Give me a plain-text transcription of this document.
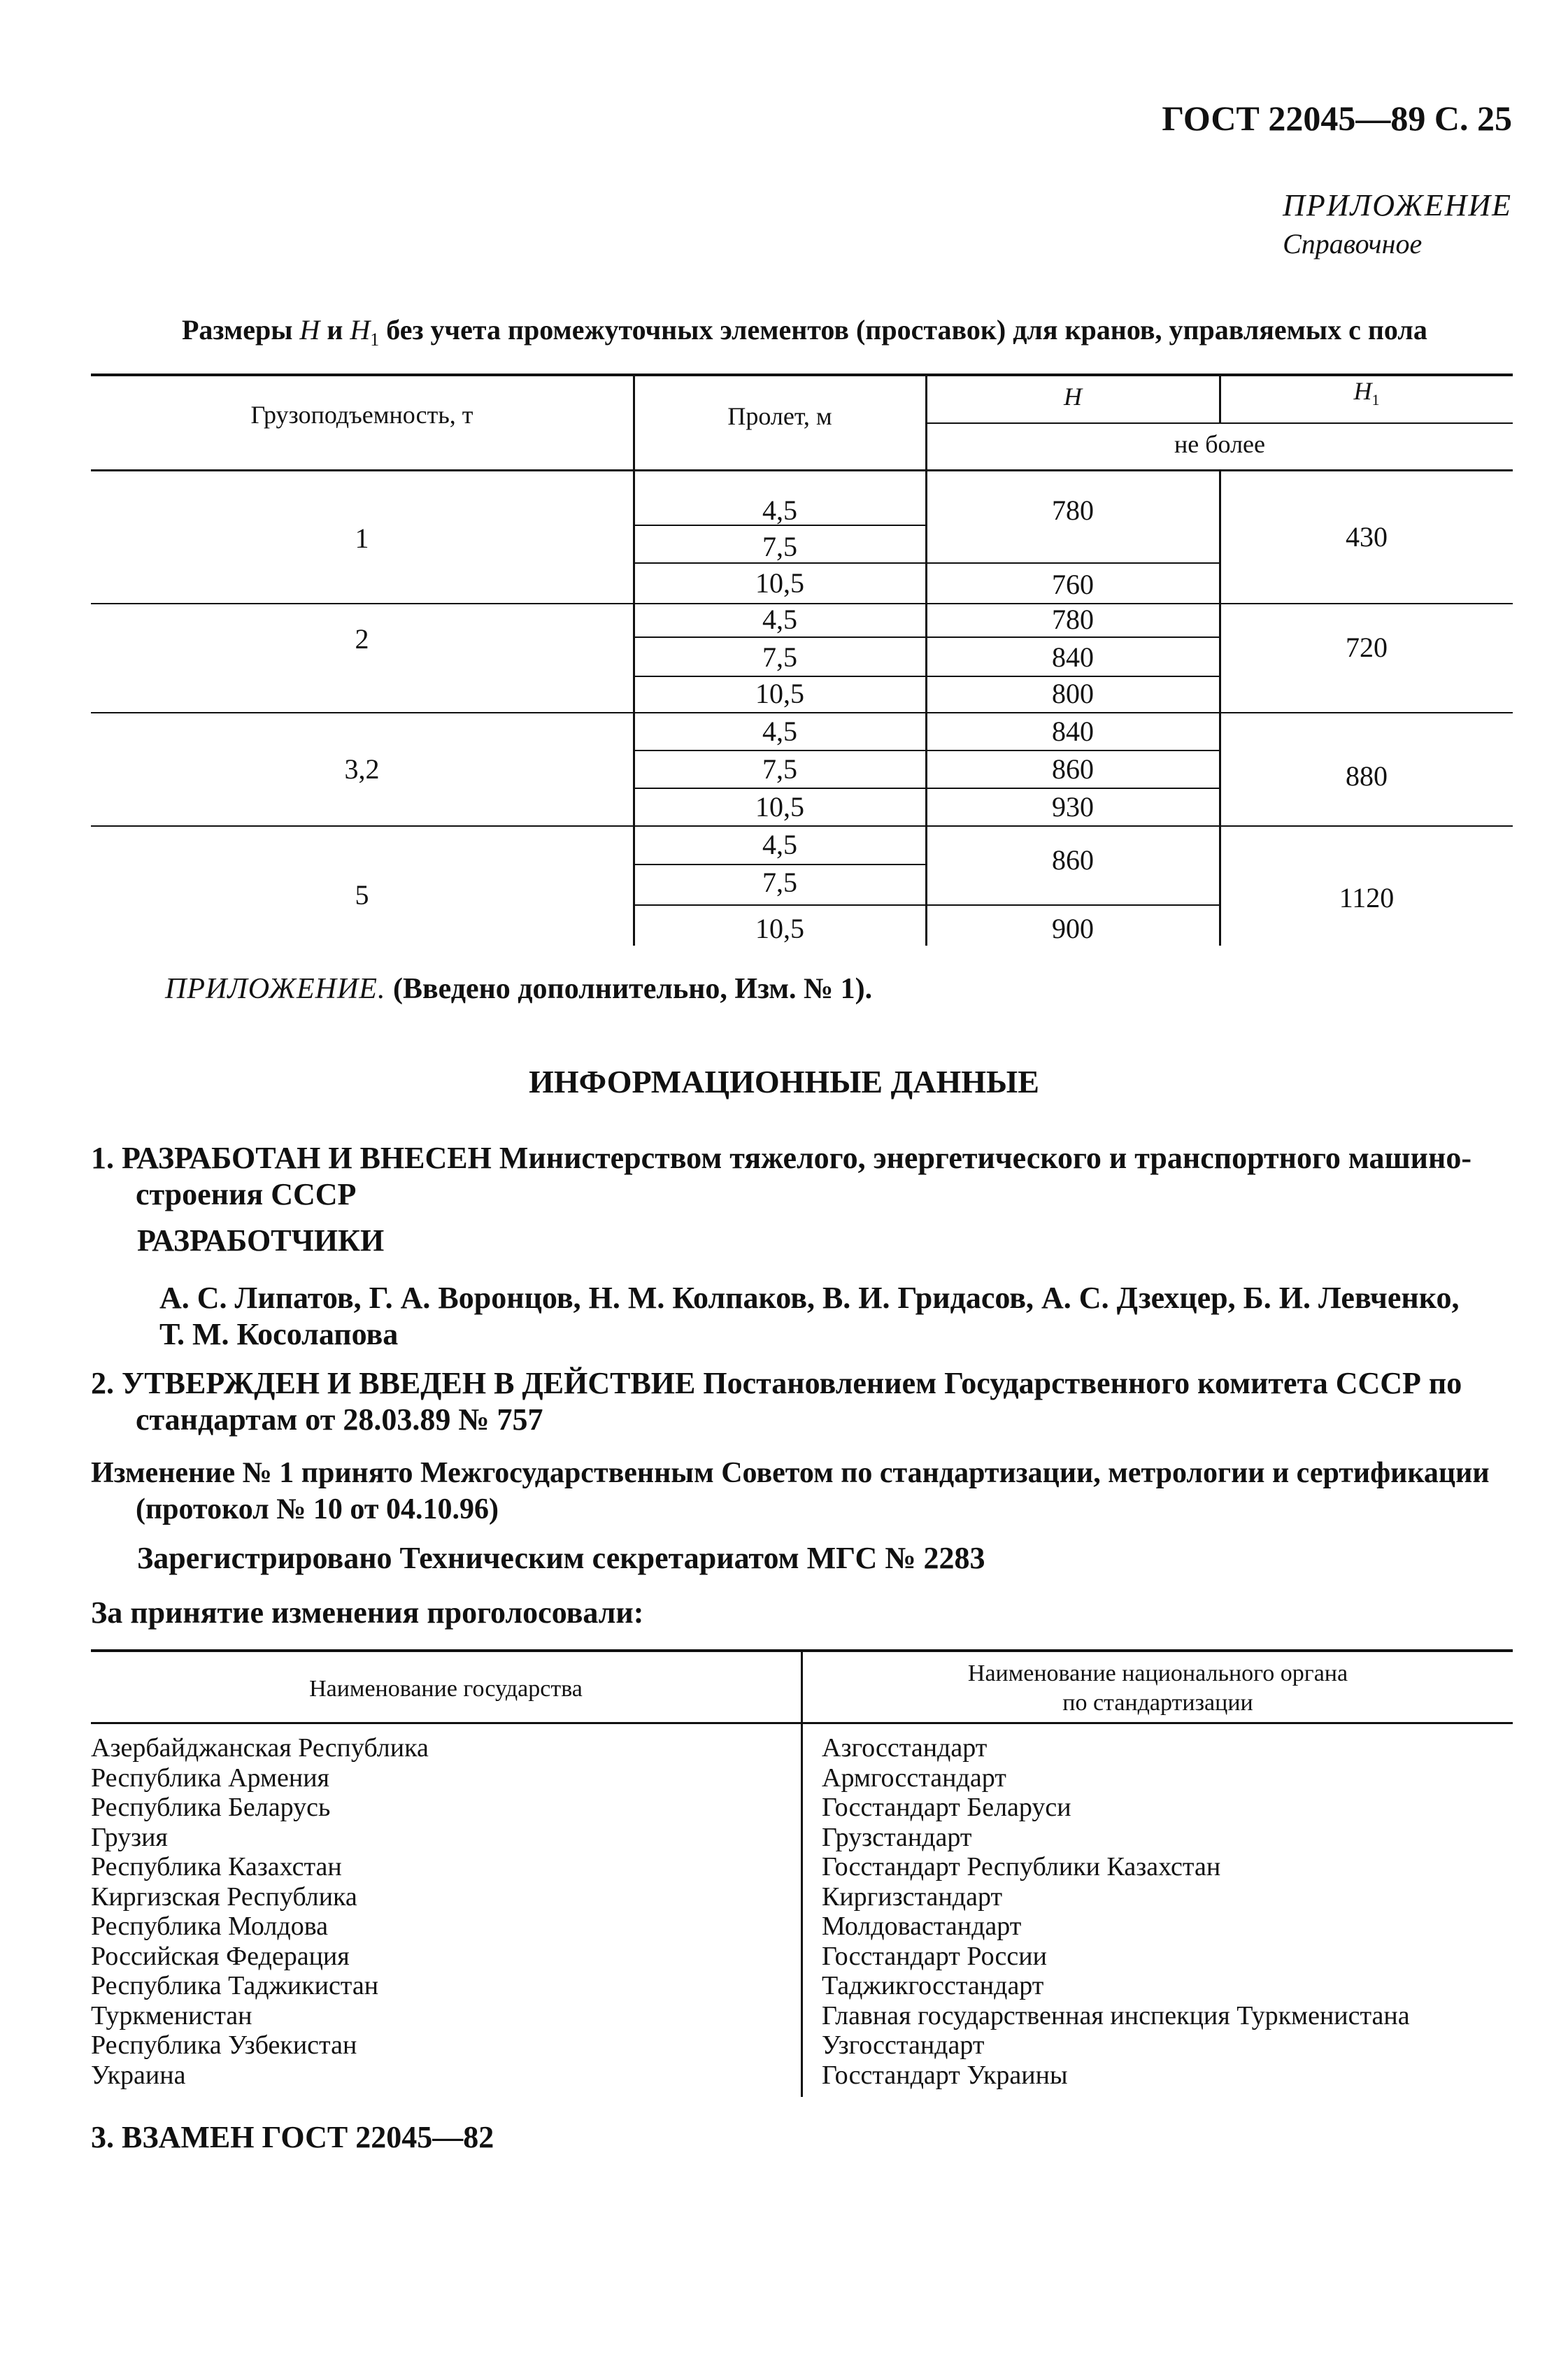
ГОСТ 22045—89 С. 25
ПРИЛОЖЕНИЕ
Справочное
Размеры H и $H_1$ без учета промежуточных элементов (проставок) для кранов, управляемых с пола
Грузоподъемность, т	Пролет, м
H	$H_1$
не более
1
4,5
7,5
10,5
780
760
430
2
4,5
7,5
10,5
780
840
800
720
3,2
4,5
7,5
10,5
840
860
930
880
5
4,5
7,5
10,5
860
900
1120
ПРИЛОЖЕНИЕ. (Введено дополнительно, Изм. № 1).
ИНФОРМАЦИОННЫЕ ДАННЫЕ
1. РАЗРАБОТАН И ВНЕСЕН Министерством тяжелого, энергетического и транспортного машино-
строения СССР
РАЗРАБОТЧИКИ
А. С. Липатов, Г. А. Воронцов, Н. М. Колпаков, В. И. Гридасов, А. С. Дзехцер, Б. И. Левченко,
Т. М. Косолапова
2. УТВЕРЖДЕН И ВВЕДЕН В ДЕЙСТВИЕ Постановлением Государственного комитета СССР по
стандартам от 28.03.89 № 757
Изменение № 1 принято Межгосударственным Советом по стандартизации, метрологии и сертификации
(протокол № 10 от 04.10.96)
Зарегистрировано Техническим секретариатом МГС № 2283
За принятие изменения проголосовали:
Наименование государства
Наименование национального органа
по стандартизации
Азербайджанская Республика
Республика Армения
Республика Беларусь
Грузия
Республика Казахстан
Киргизская Республика
Республика Молдова
Российская Федерация
Республика Таджикистан
Туркменистан
Республика Узбекистан
Украина
Азгосстандарт
Армгосстандарт
Госстандарт Беларуси
Грузстандарт
Госстандарт Республики Казахстан
Киргизстандарт
Молдовастандарт
Госстандарт России
Таджикгосстандарт
Главная государственная инспекция Туркменистана
Узгосстандарт
Госстандарт Украины
3. ВЗАМЕН ГОСТ 22045—82
